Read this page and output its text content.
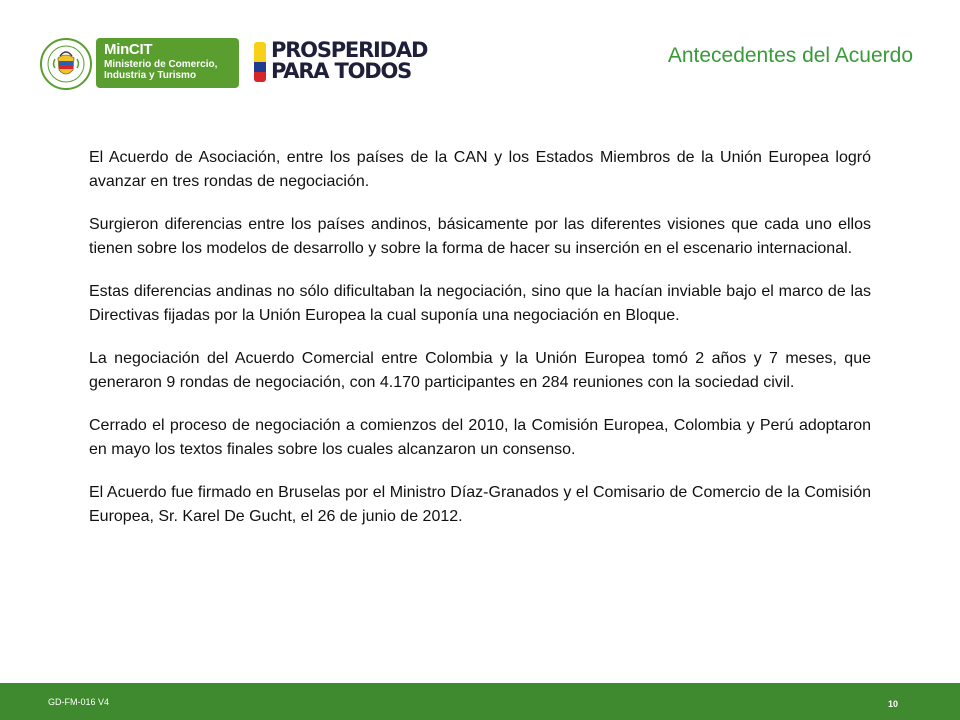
MinCIT
Ministerio de Comercio,
Industria y Turismo
PROSPERIDAD
PARA TODOS
Antecedentes del Acuerdo

El Acuerdo de Asociación, entre los países de la CAN y los Estados Miembros de la Unión Europea logró avanzar en tres rondas de negociación.

Surgieron diferencias entre los países andinos, básicamente por las diferentes visiones que cada uno ellos tienen sobre los modelos de desarrollo y sobre la forma de hacer su inserción en el escenario internacional.

Estas diferencias andinas no sólo dificultaban la negociación, sino que la hacían inviable bajo el marco de las Directivas fijadas por la Unión Europea la cual suponía una negociación en Bloque.

La negociación del Acuerdo Comercial entre Colombia y la Unión Europea tomó 2 años y 7 meses, que generaron 9 rondas de negociación, con 4.170 participantes en 284 reuniones con la sociedad civil.

Cerrado el proceso de negociación a comienzos del 2010, la Comisión Europea, Colombia y Perú adoptaron en mayo los textos finales sobre los cuales alcanzaron un consenso.

El Acuerdo fue firmado en Bruselas por el Ministro Díaz-Granados y el Comisario de Comercio de la Comisión Europea, Sr. Karel De Gucht, el 26 de junio de 2012.

GD-FM-016 V4	10
